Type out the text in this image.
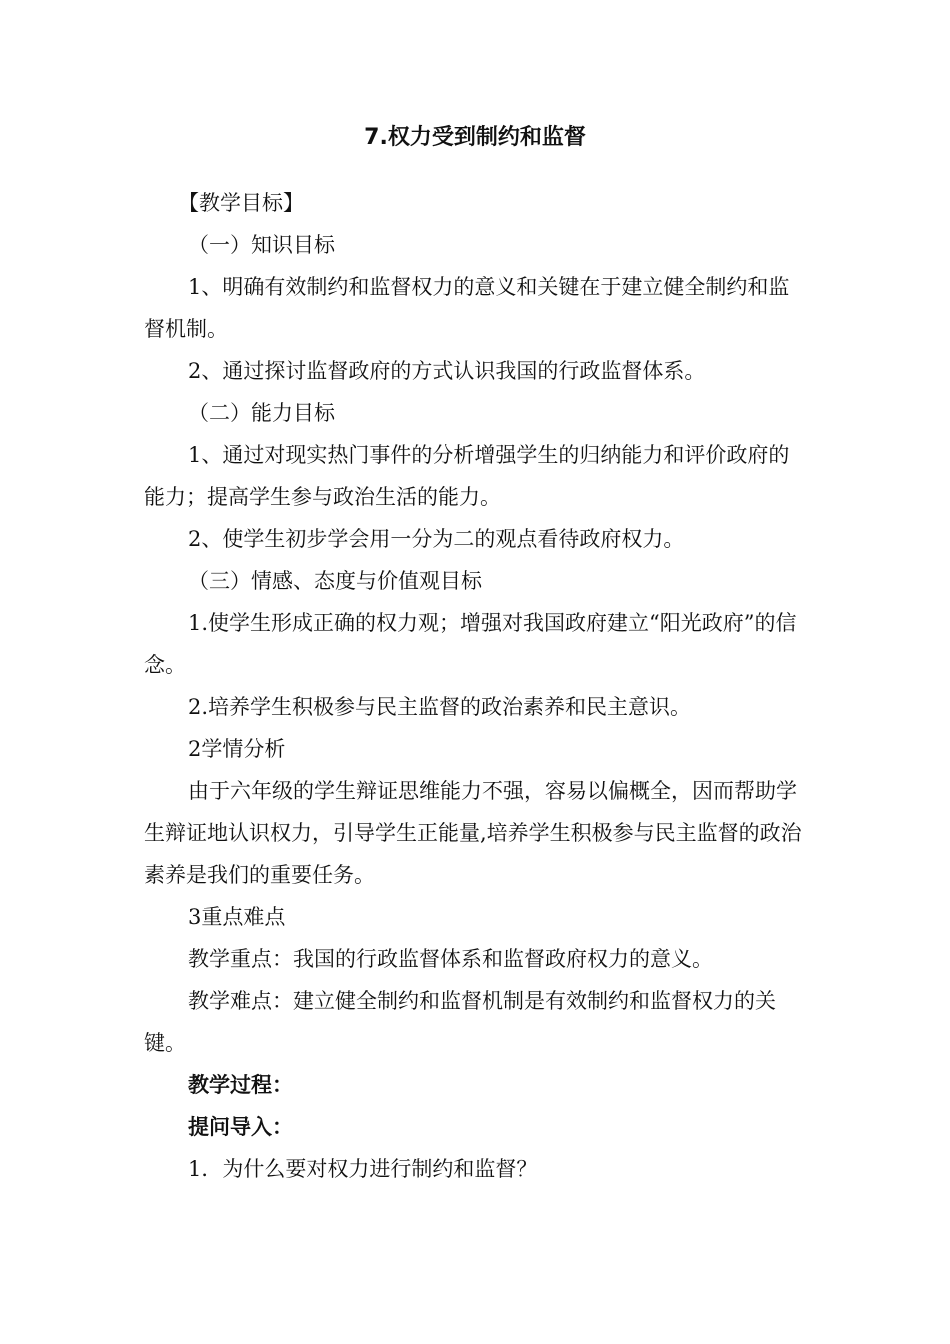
7.权力受到制约和监督

【教学目标】

（一）知识目标

1、明确有效制约和监督权力的意义和关键在于建立健全制约和监督机制。

2、通过探讨监督政府的方式认识我国的行政监督体系。

（二）能力目标

1、通过对现实热门事件的分析增强学生的归纳能力和评价政府的能力；提高学生参与政治生活的能力。

2、使学生初步学会用一分为二的观点看待政府权力。

（三）情感、态度与价值观目标

1.使学生形成正确的权力观；增强对我国政府建立“阳光政府”的信念。

2.培养学生积极参与民主监督的政治素养和民主意识。

2学情分析

由于六年级的学生辩证思维能力不强，容易以偏概全，因而帮助学生辩证地认识权力，引导学生正能量,培养学生积极参与民主监督的政治素养是我们的重要任务。

3重点难点

教学重点：我国的行政监督体系和监督政府权力的意义。

教学难点：建立健全制约和监督机制是有效制约和监督权力的关键。

教学过程：

提问导入：

1．为什么要对权力进行制约和监督？
